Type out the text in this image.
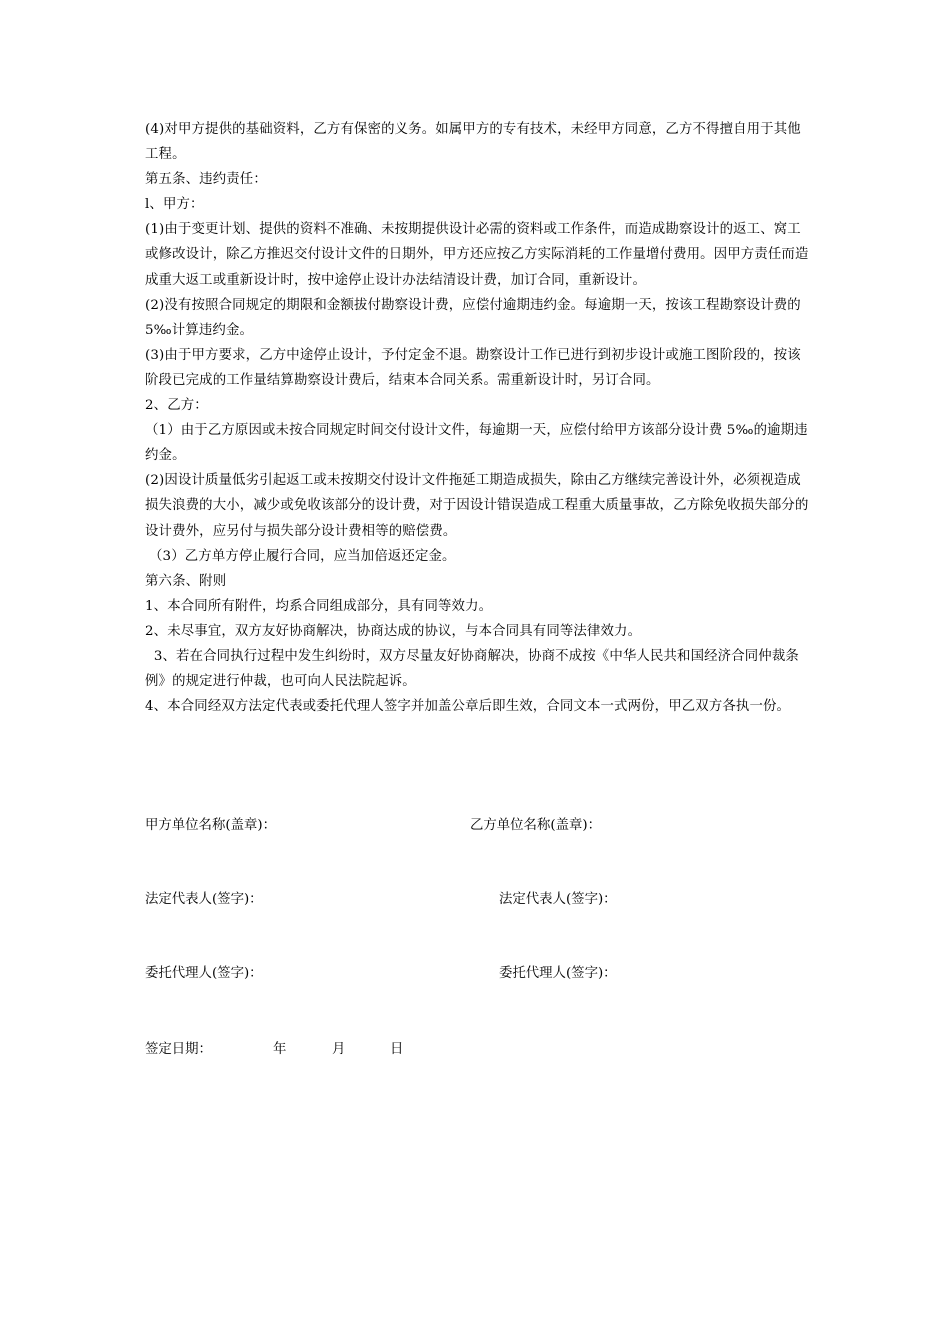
(4)对甲方提供的基础资料，乙方有保密的义务。如属甲方的专有技术，未经甲方同意，乙方不得擅自用于其他工程。

第五条、违约责任：

l、甲方：

(1)由于变更计划、提供的资料不准确、未按期提供设计必需的资料或工作条件，而造成勘察设计的返工、窝工或修改设计，除乙方推迟交付设计文件的日期外，甲方还应按乙方实际消耗的工作量增付费用。因甲方责任而造成重大返工或重新设计时，按中途停止设计办法结清设计费，加订合同，重新设计。

(2)没有按照合同规定的期限和金额拔付勘察设计费，应偿付逾期违约金。每逾期一天，按该工程勘察设计费的 5‰计算违约金。

(3)由于甲方要求，乙方中途停止设计，予付定金不退。勘察设计工作已进行到初步设计或施工图阶段的，按该阶段已完成的工作量结算勘察设计费后，结束本合同关系。需重新设计时，另订合同。

2、乙方：

（1）由于乙方原因或未按合同规定时间交付设计文件，每逾期一天，应偿付给甲方该部分设计费 5‰的逾期违约金。

(2)因设计质量低劣引起返工或未按期交付设计文件拖延工期造成损失，除由乙方继续完善设计外，必须视造成损失浪费的大小，减少或免收该部分的设计费，对于因设计错误造成工程重大质量事故，乙方除免收损失部分的设计费外，应另付与损失部分设计费相等的赔偿费。

（3）乙方单方停止履行合同，应当加倍返还定金。

第六条、附则

1、本合同所有附件，均系合同组成部分，具有同等效力。

2、未尽事宜，双方友好协商解决，协商达成的协议，与本合同具有同等法律效力。

3、若在合同执行过程中发生纠纷时，双方尽量友好协商解决，协商不成按《中华人民共和国经济合同仲裁条例》的规定进行仲裁，也可向人民法院起诉。

4、本合同经双方法定代表或委托代理人签字并加盖公章后即生效，合同文本一式两份，甲乙双方各执一份。

甲方单位名称(盖章)：	乙方单位名称(盖章)：
法定代表人(签字)：	法定代表人(签字)：
委托代理人(签字)：	委托代理人(签字)：
签定日期：	年	月	日
